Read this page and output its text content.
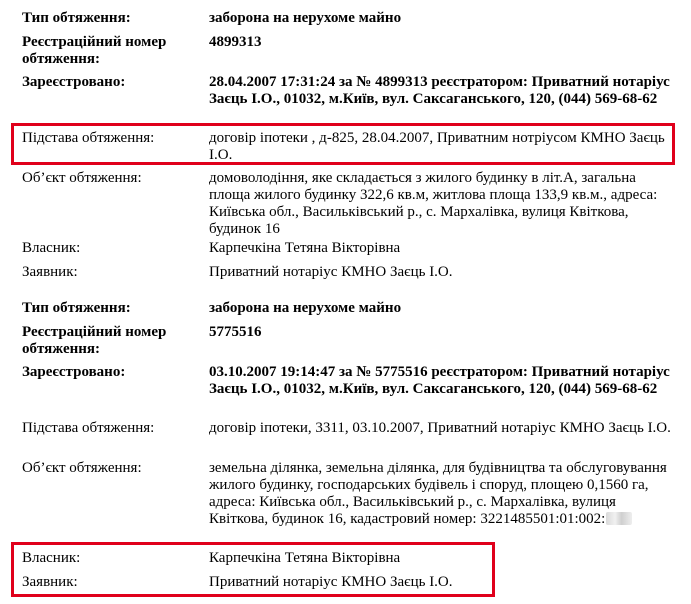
Тип обтяження:	заборона на нерухоме майно
Реєстраційний номер обтяження:
4899313
Зареєстровано:	28.04.2007 17:31:24 за № 4899313 реєстратором: Приватний нотаріус Заєць І.О., 01032, м.Київ, вул. Саксаганського, 120, (044) 569-68-62
Підстава обтяження:	договір іпотеки , д-825, 28.04.2007, Приватним нотріусом КМНО Заєць І.О.
Об’єкт обтяження:	домоволодіння, яке складається з жилого будинку в літ.А, загальна площа жилого будинку 322,6 кв.м, житлова площа 133,9 кв.м., адреса: Київська обл., Васильківський р., с. Мархалівка, вулиця Квіткова, будинок 16
Власник:	Карпечкіна Тетяна Вікторівна
Заявник:	Приватний нотаріус КМНО Заєць І.О.
Тип обтяження:	заборона на нерухоме майно
Реєстраційний номер обтяження:
5775516
Зареєстровано:	03.10.2007 19:14:47 за № 5775516 реєстратором: Приватний нотаріус Заєць І.О., 01032, м.Київ, вул. Саксаганського, 120, (044) 569-68-62
Підстава обтяження:	договір іпотеки, 3311, 03.10.2007, Приватний нотаріус КМНО Заєць І.О.
Об’єкт обтяження:	земельна ділянка, земельна ділянка, для будівництва та обслуговування жилого будинку, господарських будівель і споруд, площею 0,1560 га, адреса: Київська обл., Васильківський р., с. Мархалівка, вулиця Квіткова, будинок 16, кадастровий номер: 3221485501:01:002:
Власник:	Карпечкіна Тетяна Вікторівна
Заявник:	Приватний нотаріус КМНО Заєць І.О.
